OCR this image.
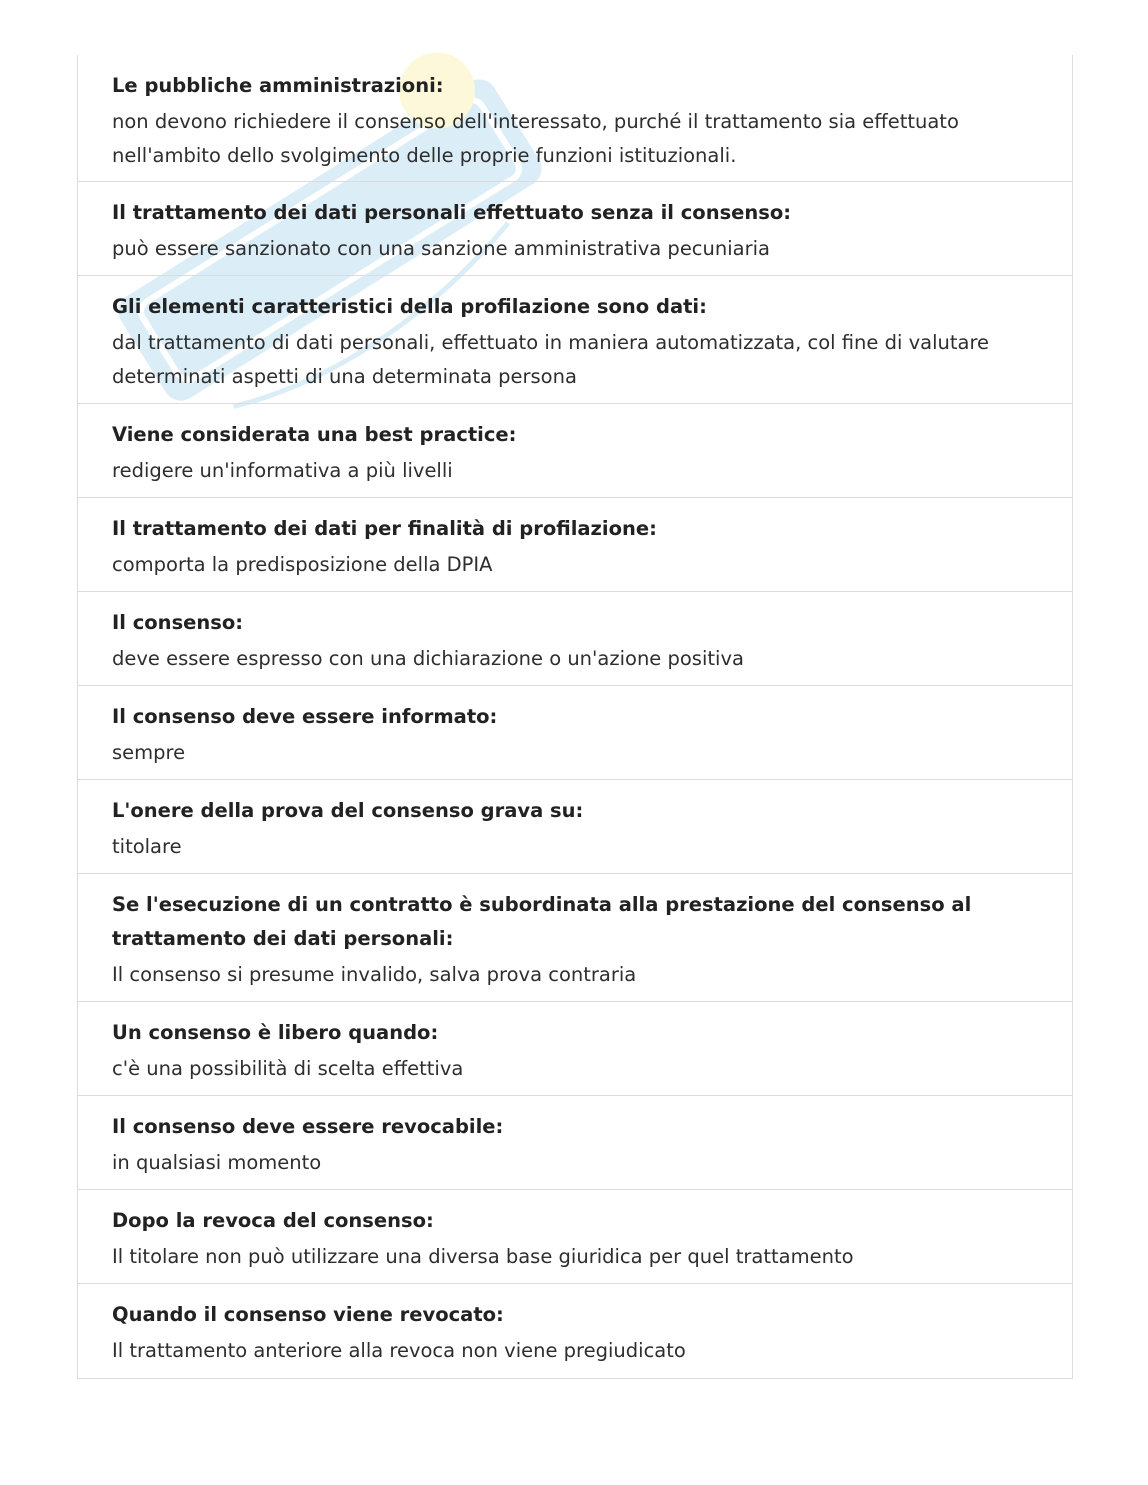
Le pubbliche amministrazioni:

non devono richiedere il consenso dell'interessato, purché il trattamento sia effettuato nell'ambito dello svolgimento delle proprie funzioni istituzionali.

Il trattamento dei dati personali effettuato senza il consenso:

può essere sanzionato con una sanzione amministrativa pecuniaria

Gli elementi caratteristici della profilazione sono dati:

dal trattamento di dati personali, effettuato in maniera automatizzata, col fine di valutare determinati aspetti di una determinata persona

Viene considerata una best practice:

redigere un'informativa a più livelli

Il trattamento dei dati per finalità di profilazione:

comporta la predisposizione della DPIA

Il consenso:

deve essere espresso con una dichiarazione o un'azione positiva

Il consenso deve essere informato:

sempre

L'onere della prova del consenso grava su:

titolare

Se l'esecuzione di un contratto è subordinata alla prestazione del consenso al trattamento dei dati personali:

Il consenso si presume invalido, salva prova contraria

Un consenso è libero quando:

c'è una possibilità di scelta effettiva

Il consenso deve essere revocabile:

in qualsiasi momento

Dopo la revoca del consenso:

Il titolare non può utilizzare una diversa base giuridica per quel trattamento

Quando il consenso viene revocato:

Il trattamento anteriore alla revoca non viene pregiudicato
